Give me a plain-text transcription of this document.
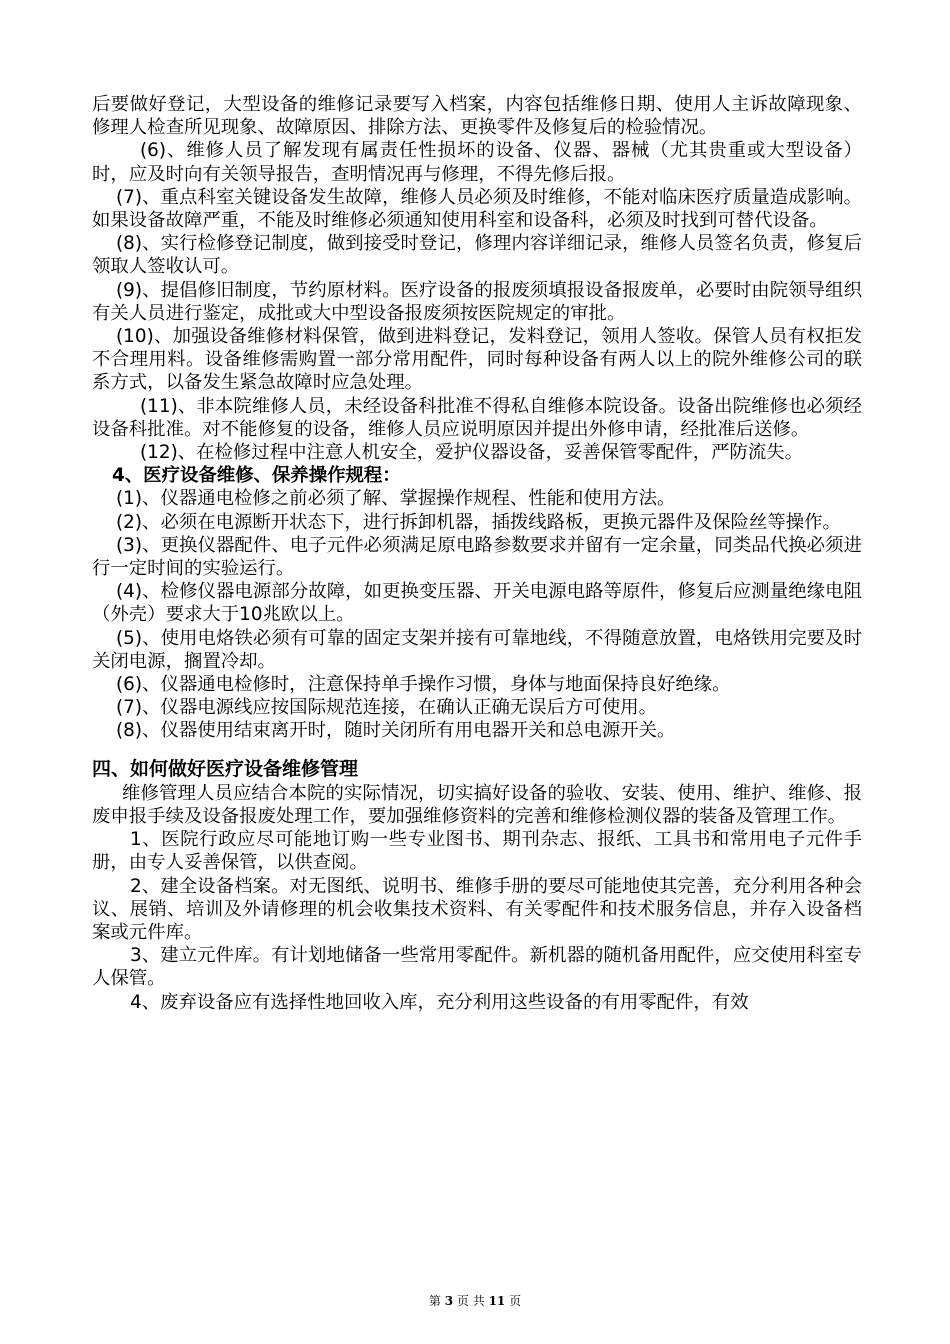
后要做好登记，大型设备的维修记录要写入档案，内容包括维修日期、使用人主诉故障现象、修理人检查所见现象、故障原因、排除方法、更换零件及修复后的检验情况。

(6)、维修人员了解发现有属责任性损坏的设备、仪器、器械（尤其贵重或大型设备）时，应及时向有关领导报告，查明情况再与修理，不得先修后报。

(7)、重点科室关键设备发生故障，维修人员必须及时维修，不能对临床医疗质量造成影响。如果设备故障严重，不能及时维修必须通知使用科室和设备科，必须及时找到可替代设备。

(8)、实行检修登记制度，做到接受时登记，修理内容详细记录，维修人员签名负责，修复后领取人签收认可。

(9)、提倡修旧制度，节约原材料。医疗设备的报废须填报设备报废单，必要时由院领导组织有关人员进行鉴定，成批或大中型设备报废须按医院规定的审批。

(10)、加强设备维修材料保管，做到进料登记，发料登记，领用人签收。保管人员有权拒发不合理用料。设备维修需购置一部分常用配件，同时每种设备有两人以上的院外维修公司的联系方式，以备发生紧急故障时应急处理。

(11)、非本院维修人员，未经设备科批准不得私自维修本院设备。设备出院维修也必须经设备科批准。对不能修复的设备，维修人员应说明原因并提出外修申请，经批准后送修。

(12)、在检修过程中注意人机安全，爱护仪器设备，妥善保管零配件，严防流失。

4、医疗设备维修、保养操作规程：

(1)、仪器通电检修之前必须了解、掌握操作规程、性能和使用方法。

(2)、必须在电源断开状态下，进行拆卸机器，插拨线路板，更换元器件及保险丝等操作。

(3)、更换仪器配件、电子元件必须满足原电路参数要求并留有一定余量，同类品代换必须进行一定时间的实验运行。

(4)、检修仪器电源部分故障，如更换变压器、开关电源电路等原件，修复后应测量绝缘电阻（外壳）要求大于10兆欧以上。

(5)、使用电烙铁必须有可靠的固定支架并接有可靠地线，不得随意放置，电烙铁用完要及时关闭电源，搁置冷却。

(6)、仪器通电检修时，注意保持单手操作习惯，身体与地面保持良好绝缘。

(7)、仪器电源线应按国际规范连接，在确认正确无误后方可使用。

(8)、仪器使用结束离开时，随时关闭所有用电器开关和总电源开关。

四、如何做好医疗设备维修管理

维修管理人员应结合本院的实际情况，切实搞好设备的验收、安装、使用、维护、维修、报废申报手续及设备报废处理工作，要加强维修资料的完善和维修检测仪器的装备及管理工作。

1、医院行政应尽可能地订购一些专业图书、期刊杂志、报纸、工具书和常用电子元件手册，由专人妥善保管，以供查阅。

2、建全设备档案。对无图纸、说明书、维修手册的要尽可能地使其完善，充分利用各种会议、展销、培训及外请修理的机会收集技术资料、有关零配件和技术服务信息，并存入设备档案或元件库。

3、建立元件库。有计划地储备一些常用零配件。新机器的随机备用配件，应交使用科室专人保管。

4、废弃设备应有选择性地回收入库，充分利用这些设备的有用零配件，有效

第 3 页 共 11 页
